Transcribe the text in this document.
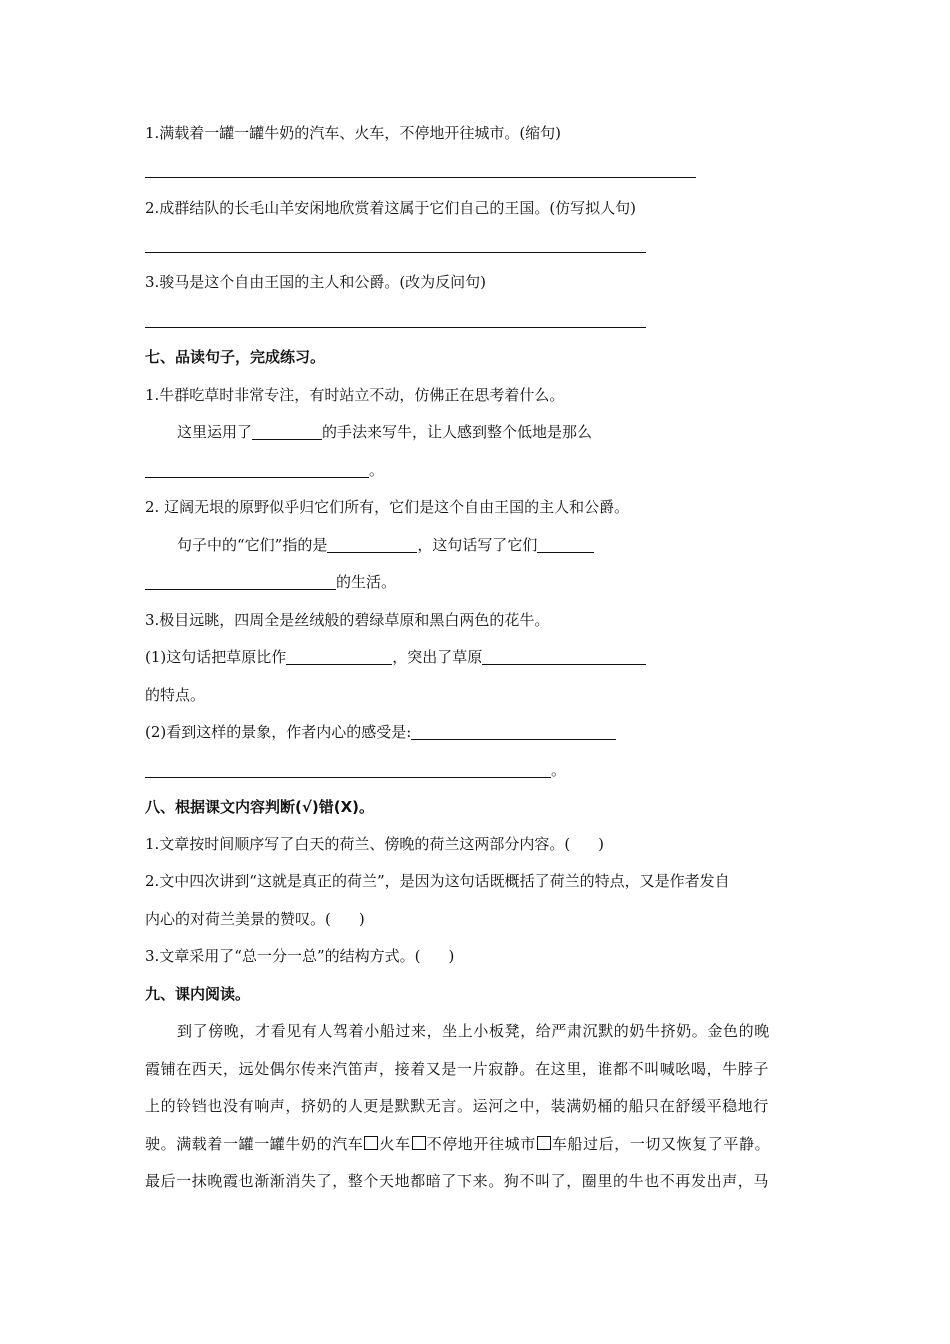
1.满载着一罐一罐牛奶的汽车、火车，不停地开往城市。(缩句)
2.成群结队的长毛山羊安闲地欣赏着这属于它们自己的王国。(仿写拟人句)
3.骏马是这个自由王国的主人和公爵。(改为反问句)
七、品读句子，完成练习。
1.牛群吃草时非常专注，有时站立不动，仿佛正在思考着什么。
这里运用了	的手法来写牛，让人感到整个低地是那么
。
2. 辽阔无垠的原野似乎归它们所有，它们是这个自由王国的主人和公爵。
句子中的“它们”指的是	，这句话写了它们
的生活。
3.极目远眺，四周全是丝绒般的碧绿草原和黑白两色的花牛。
(1)这句话把草原比作	，突出了草原
的特点。
(2)看到这样的景象，作者内心的感受是:
。
八、根据课文内容判断(√)错(X)。
1.文章按时间顺序写了白天的荷兰、傍晚的荷兰这两部分内容。( )
2.文中四次讲到“这就是真正的荷兰”，是因为这句话既概括了荷兰的特点，又是作者发自
内心的对荷兰美景的赞叹。( )
3.文章采用了“总一分一总”的结构方式。( )
九、课内阅读。
到了傍晚，才看见有人驾着小船过来，坐上小板凳，给严肃沉默的奶牛挤奶。金色的晚
霞铺在西天，远处偶尔传来汽笛声，接着又是一片寂静。在这里，谁都不叫喊吆喝，牛脖子
上的铃铛也没有响声，挤奶的人更是默默无言。运河之中，装满奶桶的船只在舒缓平稳地行
驶。满载着一罐一罐牛奶的汽车 火车 不停地开往城市 车船过后，一切又恢复了平静。
最后一抹晚霞也渐渐消失了，整个天地都暗了下来。狗不叫了，圈里的牛也不再发出声，马
